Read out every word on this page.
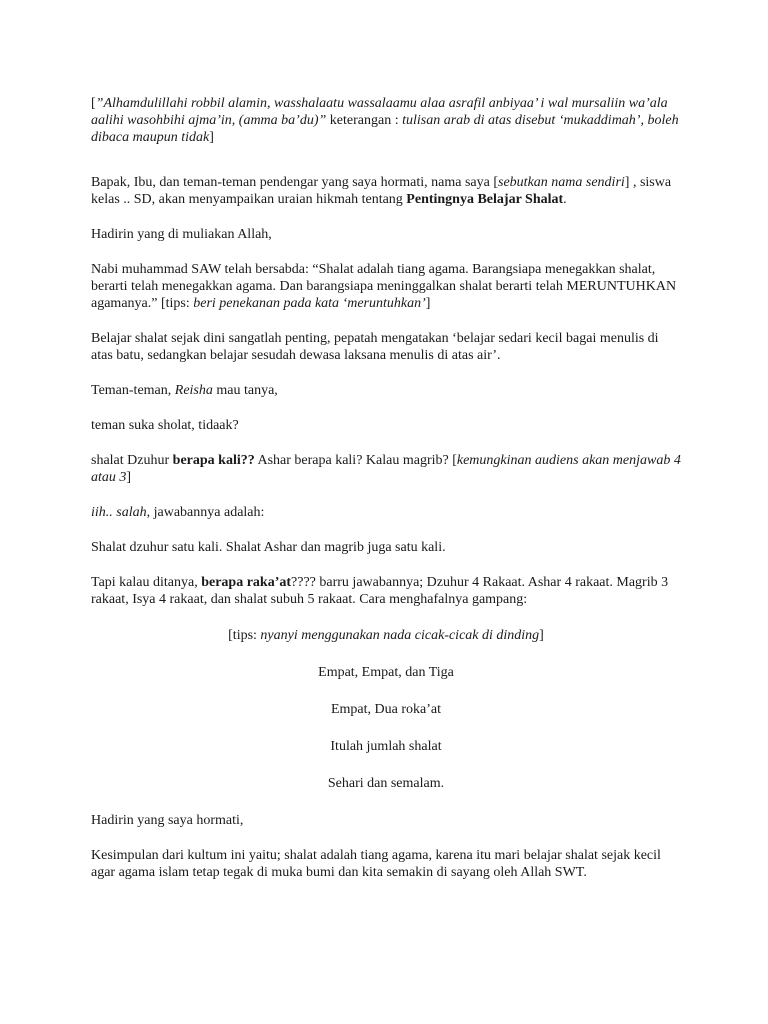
[”Alhamdulillahi robbil alamin, wasshalaatu wassalaamu alaa asrafil anbiyaa’ i wal mursaliin wa’ala aalihi wasohbihi ajma’in, (amma ba’du)” keterangan : tulisan arab di atas disebut ‘mukaddimah’, boleh dibaca maupun tidak]

Bapak, Ibu, dan teman-teman pendengar yang saya hormati, nama saya [sebutkan nama sendiri] , siswa kelas .. SD, akan menyampaikan uraian hikmah tentang Pentingnya Belajar Shalat.

Hadirin yang di muliakan Allah,

Nabi muhammad SAW telah bersabda: “Shalat adalah tiang agama. Barangsiapa menegakkan shalat, berarti telah menegakkan agama. Dan barangsiapa meninggalkan shalat berarti telah MERUNTUHKAN agamanya.” [tips: beri penekanan pada kata ‘meruntuhkan’]

Belajar shalat sejak dini sangatlah penting, pepatah mengatakan ‘belajar sedari kecil bagai menulis di atas batu, sedangkan belajar sesudah dewasa laksana menulis di atas air’.

Teman-teman, Reisha mau tanya,

teman suka sholat, tidaak?

shalat Dzuhur berapa kali?? Ashar berapa kali? Kalau magrib? [kemungkinan audiens akan menjawab 4 atau 3]

iih.. salah, jawabannya adalah:

Shalat dzuhur satu kali. Shalat Ashar dan magrib juga satu kali.

Tapi kalau ditanya, berapa raka’at???? barru jawabannya; Dzuhur 4 Rakaat. Ashar 4 rakaat. Magrib 3 rakaat, Isya 4 rakaat, dan shalat subuh 5 rakaat. Cara menghafalnya gampang:

[tips: nyanyi menggunakan nada cicak-cicak di dinding]

Empat, Empat, dan Tiga

Empat, Dua roka’at

Itulah jumlah shalat

Sehari dan semalam.

Hadirin yang saya hormati,

Kesimpulan dari kultum ini yaitu; shalat adalah tiang agama, karena itu mari belajar shalat sejak kecil agar agama islam tetap tegak di muka bumi dan kita semakin di sayang oleh Allah SWT.
